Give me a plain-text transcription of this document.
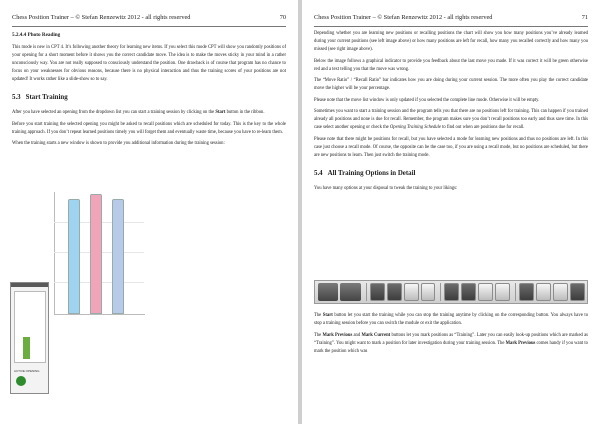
Chess Position Trainer – © Stefan Renzewitz 2012 - all rights reserved	70
5.2.4.4 Photo Reading

This mode is new in CPT 4. It’s following another theory for learning new items. If you select this mode CPT will show you randomly positions of your opening for a short moment before it shows you the correct candidate move. The idea is to make the moves sticky in your mind in a rather unconsciously way. You are not really supposed to consciously understand the position. One drawback is of course that program has no chance to focus on your weaknesses for obvious reasons, because there is no physical interaction and thus the training scores of your positions are not updated! It works rather like a slide-show so to say.

5.3 Start Training

After you have selected an opening from the dropdown list you can start a training session by clicking on the Start button in the ribbon.

Before you start training the selected opening you might be asked to recall positions which are scheduled for today. This is the key to the whole training approach. If you don’t repeat learned positions timely you will forget them and eventually waste time, because you have to re-learn them.

When the training starts a new window is shown to provide you additional information during the training session:

ACTIVE OPENING
Chess Position Trainer – © Stefan Renzewitz 2012 - all rights reserved	71

Depending whether you are learning new positions or recalling positions the chart will show you how many positions you’ve already learned during your current positions (see left image above) or how many positions are left for recall, how many you recalled correctly and how many you missed (see right image above).

Below the image follows a graphical indicator to provide you feedback about the last move you made. If it was correct it will be green otherwise red and a text telling you that the move was wrong.

The “Move Ratio” / “Recall Ratio” bar indicates how you are doing during your current session. The more often you play the correct candidate move the higher will be your percentage.

Please note that the move list window is only updated if you selected the complete line mode. Otherwise it will be empty.

Sometimes you want to start a training session and the program tells you that there are no positions left for training. This can happen if you trained already all positions and none is due for recall. Remember, the program makes sure you don’t recall positions too early and thus save time. In this case select another opening or check the Opening Training Schedule to find out when are positions due for recall.

Please note that there might be positions for recall, but you have selected a mode for learning new positions and thus no positions are left. In this case just choose a recall mode. Of course, the opposite can be the case too, if you are using a recall mode, but no positions are scheduled, but there are new positions to learn. Then just switch the training mode.

5.4 All Training Options in Detail

You have many options at your disposal to tweak the training to your likings:

The Start button let you start the training while you can stop the training anytime by clicking on the corresponding button. You always have to stop a training session before you can switch the module or exit the application.

The Mark Previous and Mark Current buttons let you mark positions as “Training”. Later you can easily look-up positions which are marked as “Training”. You might want to mark a position for later investigation during your training session. The Mark Previous comes handy if you want to mark the position which was
